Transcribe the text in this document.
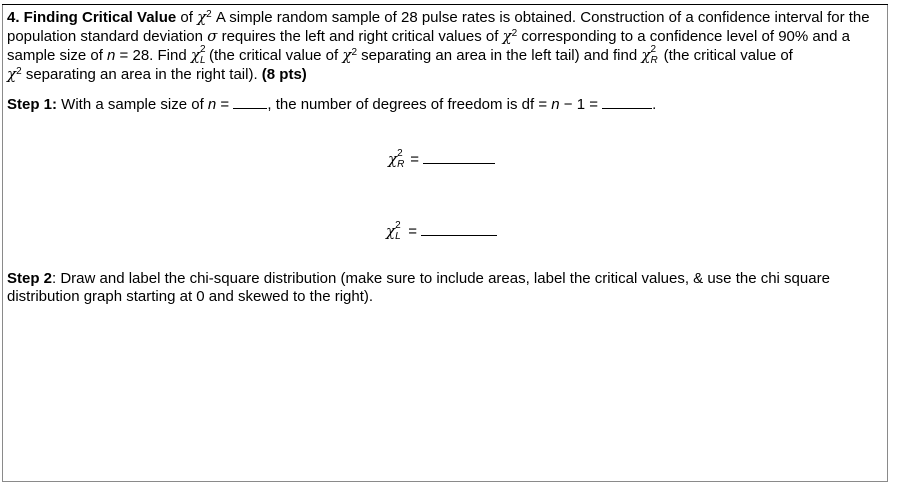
4. Finding Critical Value of $\chi^2$ A simple random sample of 28 pulse rates is obtained. Construction of a confidence interval for the population standard deviation σ requires the left and right critical values of $\chi^2$ corresponding to a confidence level of 90% and a sample size of n = 28. Find χ 2
L (the critical value of $\chi^2$ separating an area in the left tail) and find χ 2
R (the critical value of
$\chi^2$ separating an area in the right tail). (8 pts)

Step 1: With a sample size of n = , the number of degrees of freedom is df = n − 1 =	.

χ 2
R =
χ 2
L =

Step 2: Draw and label the chi-square distribution (make sure to include areas, label the critical values, & use the chi square distribution graph starting at 0 and skewed to the right).
